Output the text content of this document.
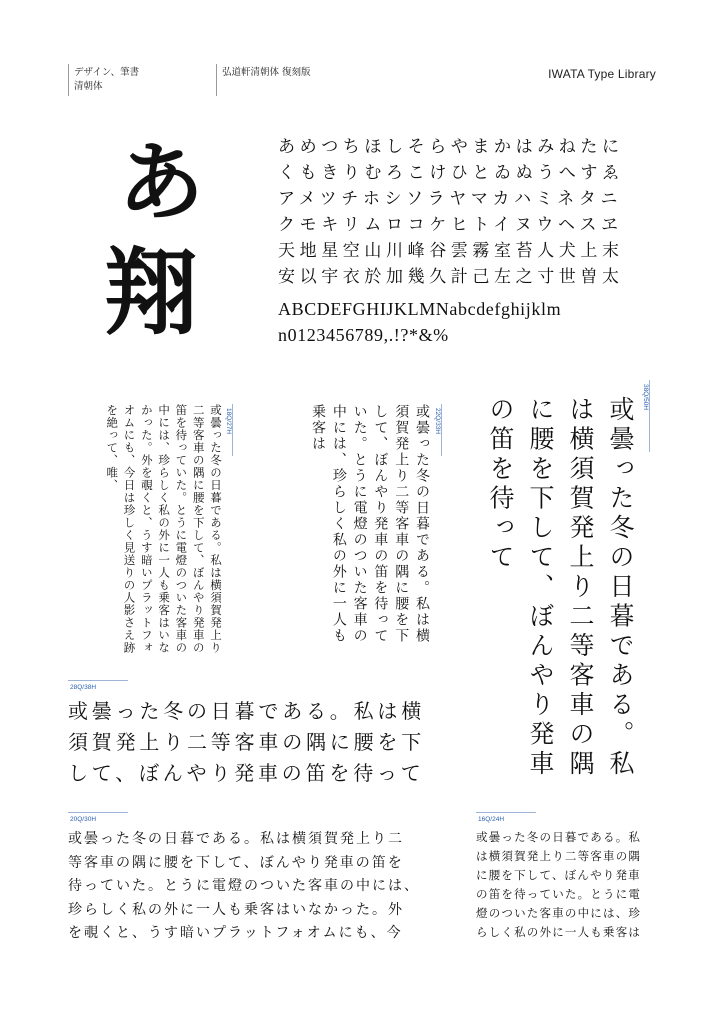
デザイン、筆書
清朝体
弘道軒清朝体 復刻版	IWATA Type Library
あ
翔
あめつちほしそらやまかはみねたに
くもきりむろこけひとゐぬうへすゑ
アメツチホシソラヤマカハミネタニ
クモキリムロコケヒトイヌウヘスヱ
天地星空山川峰谷雲霧室苔人犬上末
安以宇衣於加幾久計己左之寸世曽太
ABCDEFGHIJKLMNabcdefghijklm
n0123456789,.!?*&%
18Q/27H
或曇った冬の日暮である。私は横須賀発上り二等客車の隅に腰を下して、ぼんやり発車の笛を待っていた。とうに電燈のついた客車の中には、珍らしく私の外に一人も乗客はいなかった。外を覗くと、うす暗いプラットフォオムにも、今日は珍しく見送りの人影さえ跡を絶って、唯、	22Q/33H
或曇った冬の日暮である。私は横須賀発上り二等客車の隅に腰を下して、ぼんやり発車の笛を待っていた。とうに電燈のついた客車の中には、珍らしく私の外に一人も乗客は
38Q/50H
或曇った冬の日暮である。私は横須賀発上り二等客車の隅に腰を下して、ぼんやり発車の笛を待って
28Q/38H
或曇った冬の日暮である。私は横
須賀発上り二等客車の隅に腰を下
して、ぼんやり発車の笛を待って
20Q/30H
或曇った冬の日暮である。私は横須賀発上り二
等客車の隅に腰を下して、ぼんやり発車の笛を
待っていた。とうに電燈のついた客車の中には、
珍らしく私の外に一人も乗客はいなかった。外
を覗くと、うす暗いプラットフォオムにも、今
16Q/24H
或曇った冬の日暮である。私
は横須賀発上り二等客車の隅
に腰を下して、ぼんやり発車
の笛を待っていた。とうに電
燈のついた客車の中には、珍
らしく私の外に一人も乗客は
